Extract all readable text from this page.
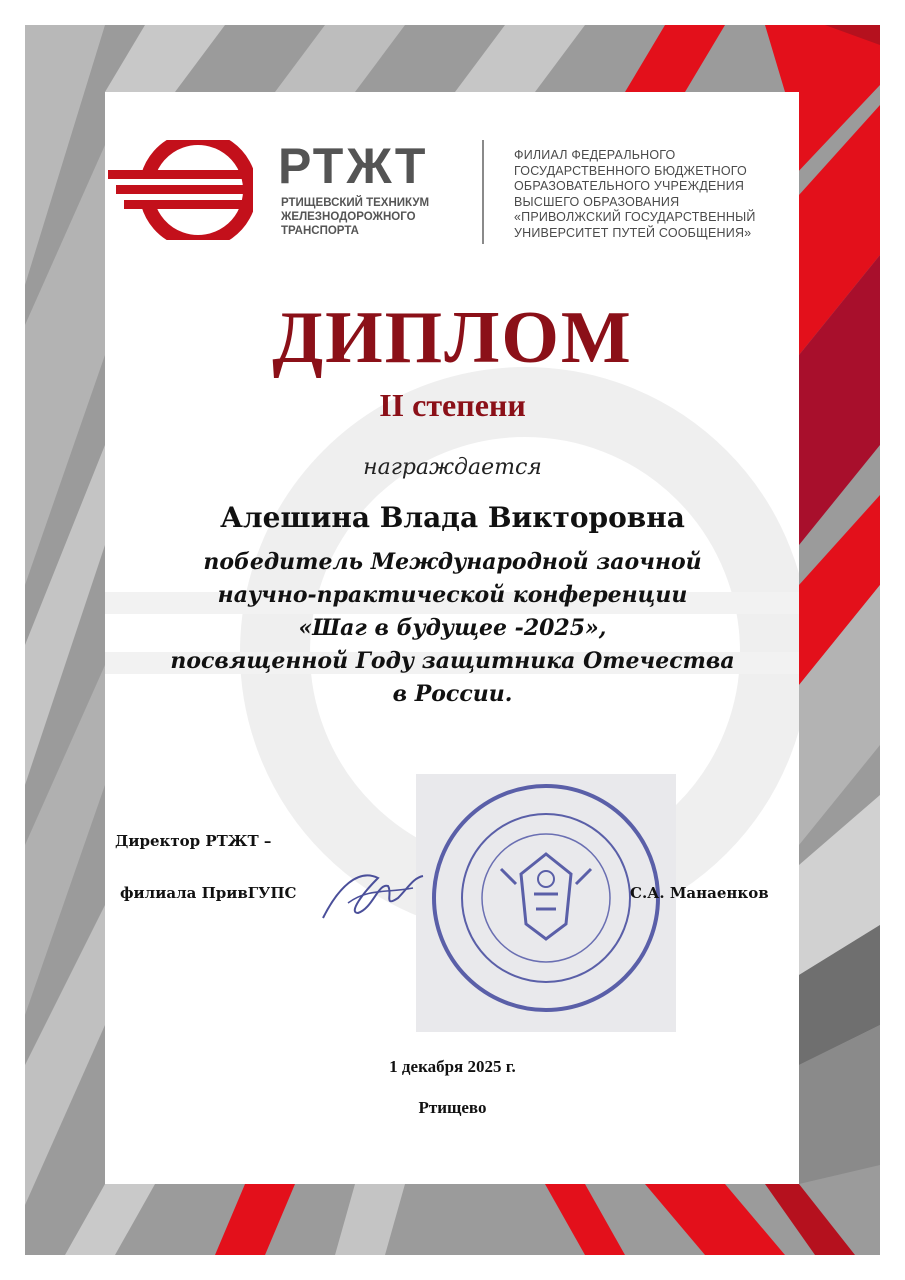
РТЖТ
РТИЩЕВСКИЙ ТЕХНИКУМ
ЖЕЛЕЗНОДОРОЖНОГО
ТРАНСПОРТА
ФИЛИАЛ ФЕДЕРАЛЬНОГО
ГОСУДАРСТВЕННОГО БЮДЖЕТНОГО
ОБРАЗОВАТЕЛЬНОГО УЧРЕЖДЕНИЯ
ВЫСШЕГО ОБРАЗОВАНИЯ
«ПРИВОЛЖСКИЙ ГОСУДАРСТВЕННЫЙ
УНИВЕРСИТЕТ ПУТЕЙ СООБЩЕНИЯ»
ДИПЛОМ
II степени
награждается
Алешина Влада Викторовна
победитель Международной заочной
научно-практической конференции
«Шаг в будущее -2025»,
посвященной Году защитника Отечества
в России.
Директор РТЖТ –
филиала ПривГУПС	С.А. Манаенков
1 декабря 2025 г.
Ртищево
